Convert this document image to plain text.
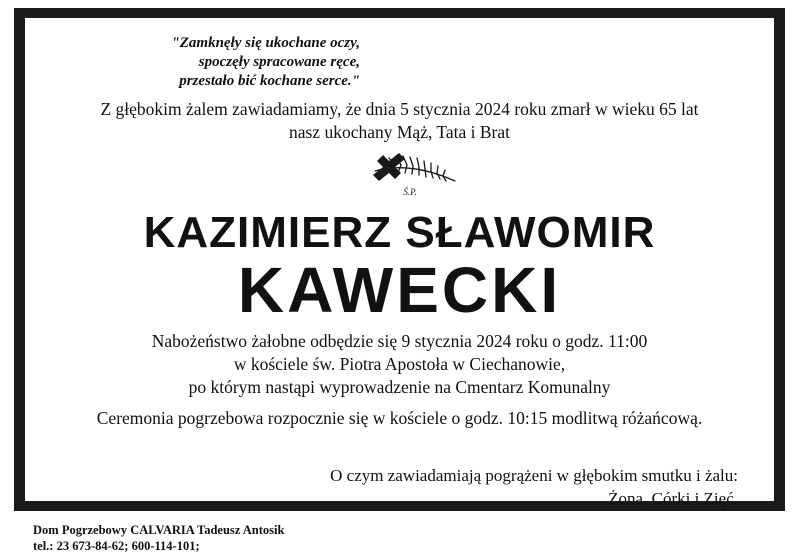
"Zamknęły się ukochane oczy,
spoczęły spracowane ręce,
przestało bić kochane serce."
Z głębokim żalem zawiadamiamy, że dnia 5 stycznia 2024 roku zmarł w wieku 65 lat
nasz ukochany Mąż, Tata i Brat
Ś.P.
KAZIMIERZ SŁAWOMIR
KAWECKI
Nabożeństwo żałobne odbędzie się 9 stycznia 2024 roku o godz. 11:00
w kościele św. Piotra Apostoła w Ciechanowie,
po którym nastąpi wyprowadzenie na Cmentarz Komunalny
Ceremonia pogrzebowa rozpocznie się w kościele o godz. 10:15 modlitwą różańcową.
O czym zawiadamiają pogrążeni w głębokim smutku i żalu:
Żona, Córki i Zięć.
Dom Pogrzebowy CALVARIA Tadeusz Antosik
tel.: 23 673-84-62; 600-114-101;
